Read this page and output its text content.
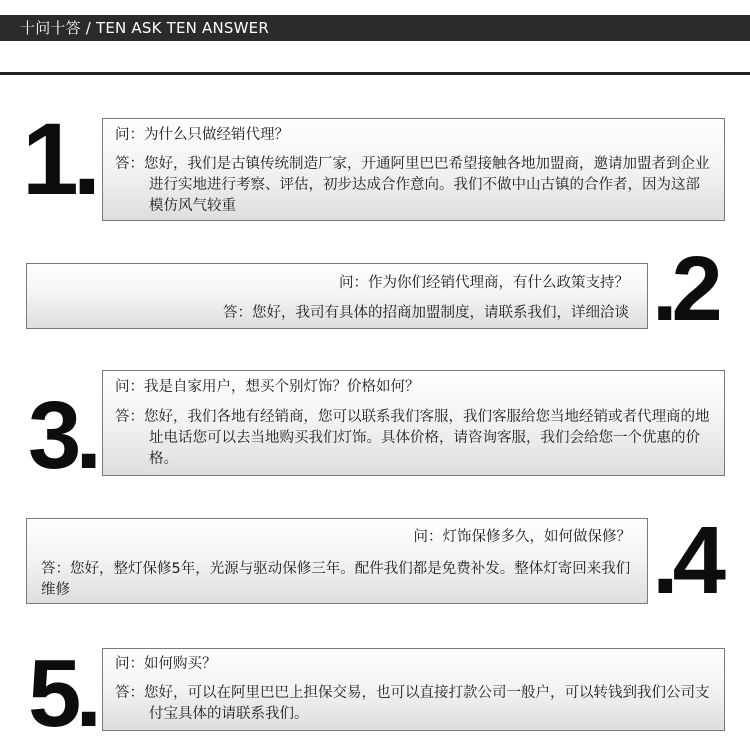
十问十答 / TEN ASK TEN ANSWER
1. 问：为什么只做经销代理？
答：您好，我们是古镇传统制造厂家，开通阿里巴巴希望接触各地加盟商，邀请加盟者到企业进行实地进行考察、评估，初步达成合作意向。我们不做中山古镇的合作者，因为这部模仿风气较重
问：作为你们经销代理商，有什么政策支持？
答：您好，我司有具体的招商加盟制度，请联系我们，详细洽谈 .2
3. 问：我是自家用户，想买个别灯饰？价格如何？
答：您好，我们各地有经销商，您可以联系我们客服，我们客服给您当地经销或者代理商的地址电话您可以去当地购买我们灯饰。具体价格，请咨询客服，我们会给您一个优惠的价格。
问：灯饰保修多久，如何做保修？
答：您好，整灯保修5年，光源与驱动保修三年。配件我们都是免费补发。整体灯寄回来我们维修	.4
5. 问：如何购买？
答：您好，可以在阿里巴巴上担保交易，也可以直接打款公司一般户，可以转钱到我们公司支付宝具体的请联系我们。
